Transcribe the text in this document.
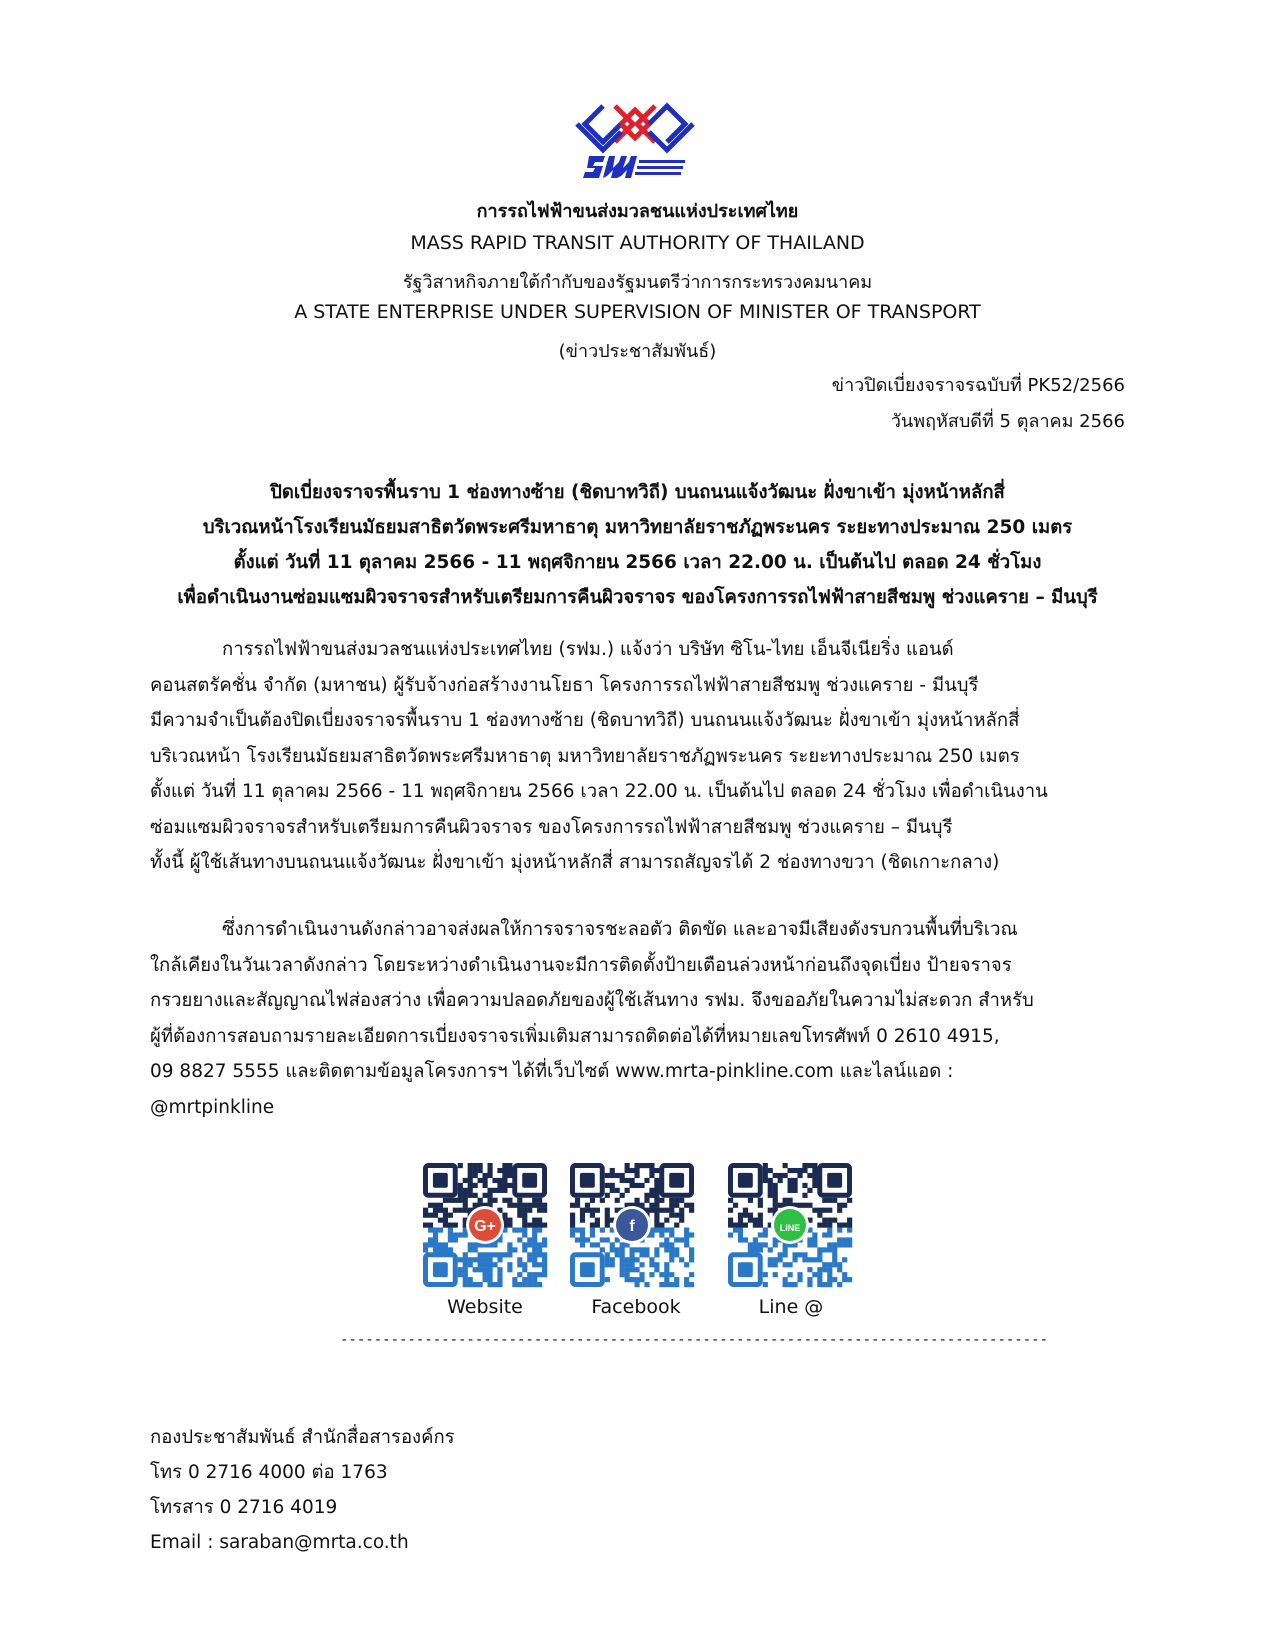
การรถไฟฟ้าขนส่งมวลชนแห่งประเทศไทย
MASS RAPID TRANSIT AUTHORITY OF THAILAND
รัฐวิสาหกิจภายใต้กำกับของรัฐมนตรีว่าการกระทรวงคมนาคม
A STATE ENTERPRISE UNDER SUPERVISION OF MINISTER OF TRANSPORT
(ข่าวประชาสัมพันธ์)
ข่าวปิดเบี่ยงจราจรฉบับที่ PK52/2566
วันพฤหัสบดีที่ 5 ตุลาคม 2566
ปิดเบี่ยงจราจรพื้นราบ 1 ช่องทางซ้าย (ชิดบาทวิถี) บนถนนแจ้งวัฒนะ ฝั่งขาเข้า มุ่งหน้าหลักสี่
บริเวณหน้าโรงเรียนมัธยมสาธิตวัดพระศรีมหาธาตุ มหาวิทยาลัยราชภัฏพระนคร ระยะทางประมาณ 250 เมตร
ตั้งแต่ วันที่ 11 ตุลาคม 2566 - 11 พฤศจิกายน 2566 เวลา 22.00 น. เป็นต้นไป ตลอด 24 ชั่วโมง
เพื่อดำเนินงานซ่อมแซมผิวจราจรสำหรับเตรียมการคืนผิวจราจร ของโครงการรถไฟฟ้าสายสีชมพู ช่วงแคราย – มีนบุรี
การรถไฟฟ้าขนส่งมวลชนแห่งประเทศไทย (รฟม.) แจ้งว่า บริษัท ซิโน-ไทย เอ็นจีเนียริ่ง แอนด์
คอนสตรัคชั่น จำกัด (มหาชน) ผู้รับจ้างก่อสร้างงานโยธา โครงการรถไฟฟ้าสายสีชมพู ช่วงแคราย - มีนบุรี
มีความจำเป็นต้องปิดเบี่ยงจราจรพื้นราบ 1 ช่องทางซ้าย (ชิดบาทวิถี) บนถนนแจ้งวัฒนะ ฝั่งขาเข้า มุ่งหน้าหลักสี่
บริเวณหน้า โรงเรียนมัธยมสาธิตวัดพระศรีมหาธาตุ มหาวิทยาลัยราชภัฏพระนคร ระยะทางประมาณ 250 เมตร
ตั้งแต่ วันที่ 11 ตุลาคม 2566 - 11 พฤศจิกายน 2566 เวลา 22.00 น. เป็นต้นไป ตลอด 24 ชั่วโมง เพื่อดำเนินงาน
ซ่อมแซมผิวจราจรสำหรับเตรียมการคืนผิวจราจร ของโครงการรถไฟฟ้าสายสีชมพู ช่วงแคราย – มีนบุรี
ทั้งนี้ ผู้ใช้เส้นทางบนถนนแจ้งวัฒนะ ฝั่งขาเข้า มุ่งหน้าหลักสี่ สามารถสัญจรได้ 2 ช่องทางขวา (ชิดเกาะกลาง)
ซึ่งการดำเนินงานดังกล่าวอาจส่งผลให้การจราจรชะลอตัว ติดขัด และอาจมีเสียงดังรบกวนพื้นที่บริเวณ
ใกล้เคียงในวันเวลาดังกล่าว โดยระหว่างดำเนินงานจะมีการติดตั้งป้ายเตือนล่วงหน้าก่อนถึงจุดเบี่ยง ป้ายจราจร
กรวยยางและสัญญาณไฟส่องสว่าง เพื่อความปลอดภัยของผู้ใช้เส้นทาง รฟม. จึงขออภัยในความไม่สะดวก สำหรับ
ผู้ที่ต้องการสอบถามรายละเอียดการเบี่ยงจราจรเพิ่มเติมสามารถติดต่อได้ที่หมายเลขโทรศัพท์ 0 2610 4915,
09 8827 5555 และติดตามข้อมูลโครงการฯ ได้ที่เว็บไซต์ www.mrta-pinkline.com และไลน์แอด :
@mrtpinkline
G+	f	LINE
Website	Facebook	Line @
------------------------------------------------------------------------------------
กองประชาสัมพันธ์ สำนักสื่อสารองค์กร
โทร 0 2716 4000 ต่อ 1763
โทรสาร 0 2716 4019
Email : saraban@mrta.co.th
